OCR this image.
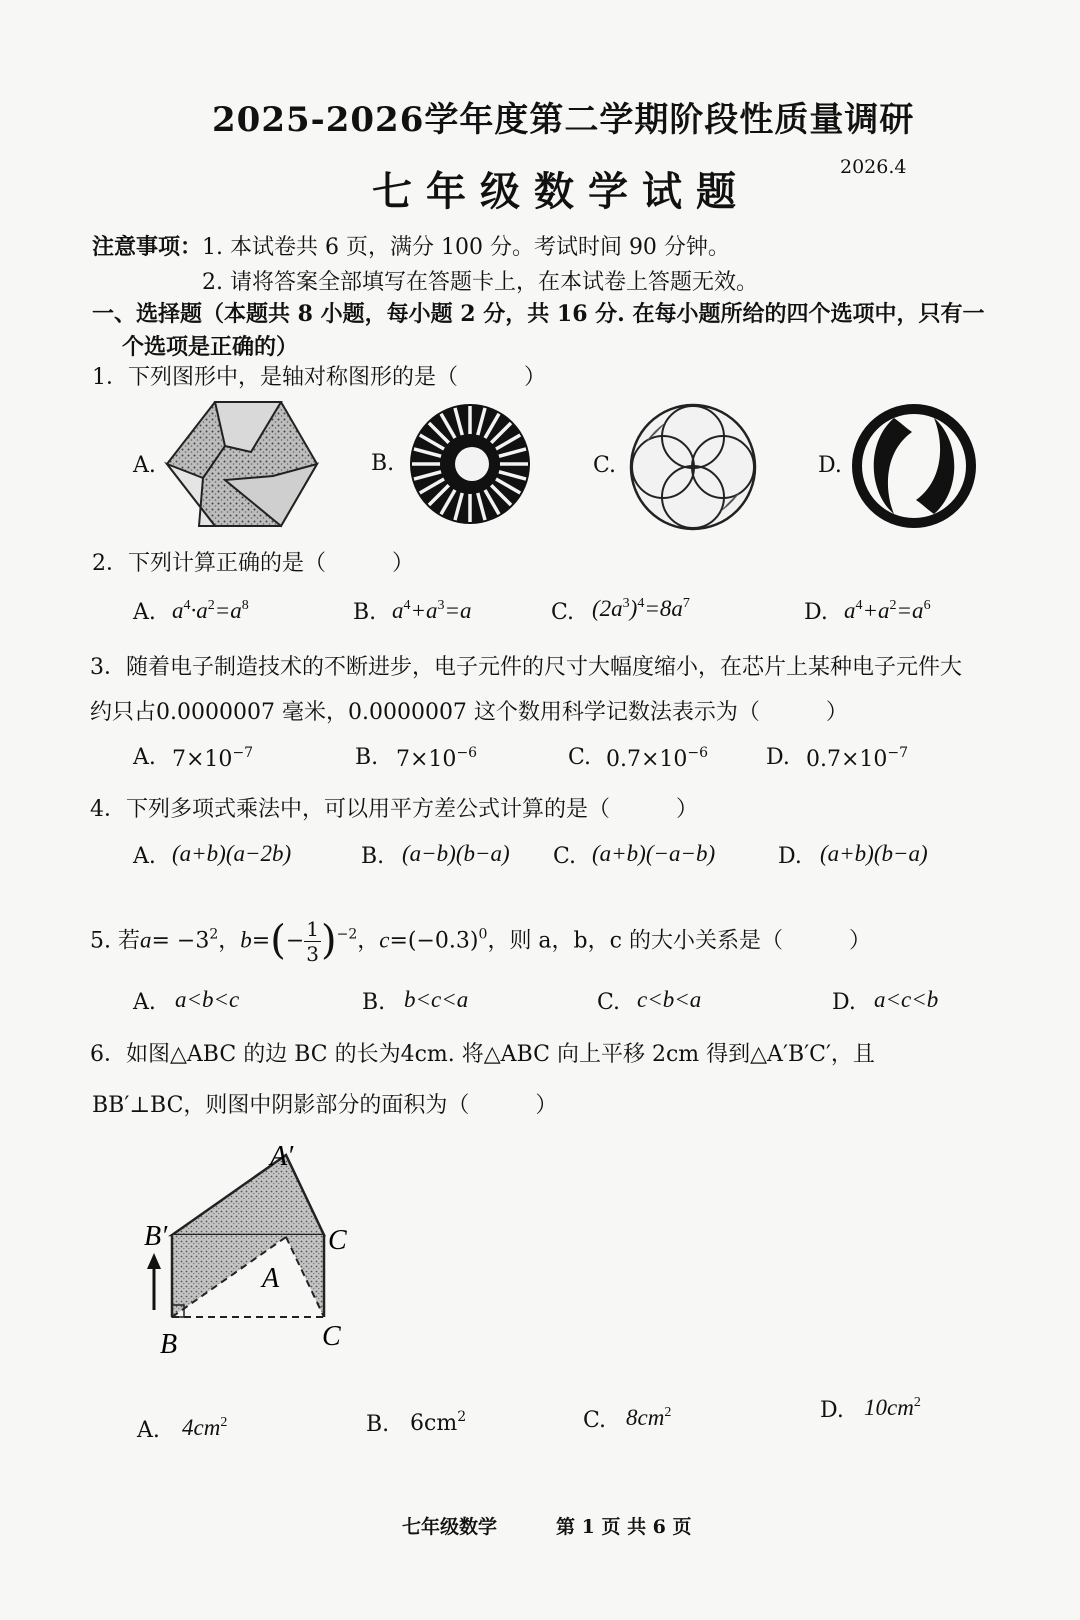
2025-2026学年度第二学期阶段性质量调研
七年级数学试题
2026.4
注意事项： 1. 本试卷共 6 页，满分 100 分。考试时间 90 分钟。
2. 请将答案全部填写在答题卡上，在本试卷上答题无效。
一、选择题（本题共 8 小题，每小题 2 分，共 16 分. 在每小题所给的四个选项中，只有一
个选项是正确的）
1．下列图形中，是轴对称图形的是（　　　）
A.	B.	C.	D.
2．下列计算正确的是（　　　）
A. $a^4\cdot a^2=a^8$	B. $a^4+a^3=a$	C. $(2a^3)^4=8a^7$	D. $a^4+a^2=a^6$
3．随着电子制造技术的不断进步，电子元件的尺寸大幅度缩小，在芯片上某种电子元件大
约只占0.0000007 毫米，0.0000007 这个数用科学记数法表示为（　　　）
A. $7\times 10^{-7}$	B. $7\times 10^{-6}$	C. $0.7\times 10^{-6}$	D. $0.7\times 10^{-7}$
4．下列多项式乘法中，可以用平方差公式计算的是（　　　）
A. (a+b)(a−2b)	B. (a−b)(b−a) C. (a+b)(−a−b)	D. (a+b)(b−a)
5. 若$a= -3^2$，$b=(- \frac{1}{3} )^{-2}$，$c=(-0.3)^0$，则 a，b，c 的大小关系是（　　　）
A. a<b<c	B. b<c<a	C. c<b<a	D. a<c<b
6．如图△ABC 的边 BC 的长为4cm. 将△ABC 向上平移 2cm 得到△A′B′C′，且
BB′⊥BC，则图中阴影部分的面积为（　　　）
A′
B′	C
A
B	C
A. $4cm^2$	B. $6cm^2$	C. $8cm^2$	D. $10cm^2$
七年级数学	第 1 页 共 6 页
